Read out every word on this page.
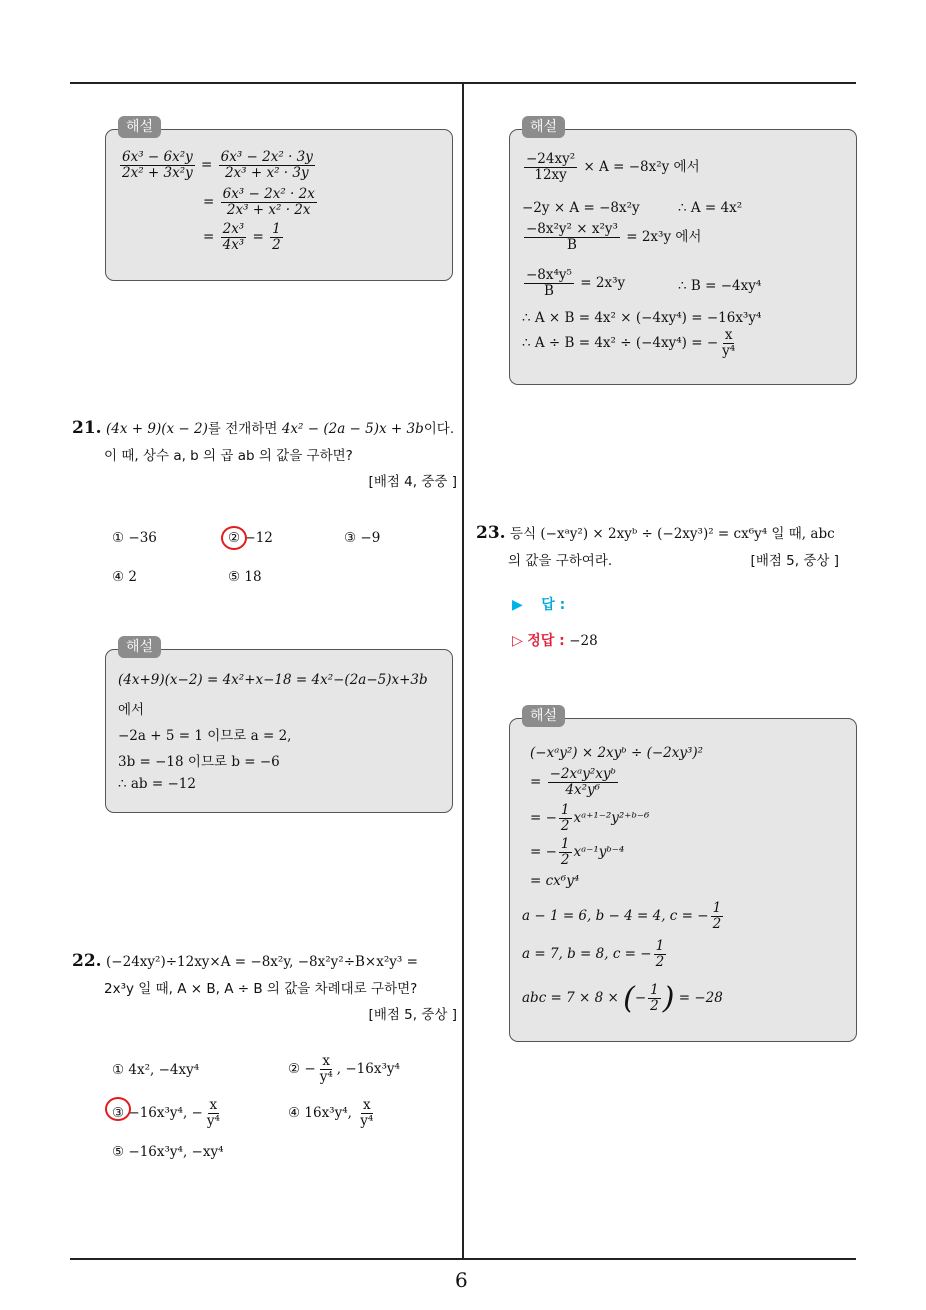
6
해설
$\frac{\text{6x³ − 6x²y}}{\text{2x² + 3x²y}} = \frac{\text{6x³ − 2x² · 3y}}{\text{2x³ + x² · 3y}}$
= $\frac{\text{6x³ − 2x² · 2x}}{\text{2x³ + x² · 2x}}$
= $\frac{\text{2x³}}{\text{4x³}} = \frac{1}{2}$
21. (4x + 9)(x − 2)를 전개하면 4x² − (2a − 5)x + 3b이다.
이 때, 상수 a, b 의 곱 ab 의 값을 구하면?
[배점 4, 중중 ]
① −36	② −12	③ −9
④ 2	⑤ 18
해설
(4x+9)(x−2) = 4x²+x−18 = 4x²−(2a−5)x+3b
에서
−2a + 5 = 1 이므로 a = 2,
3b = −18 이므로 b = −6
∴ ab = −12
22. (−24xy²)÷12xy×A = −8x²y, −8x²y²÷B×x²y³ =
2x³y 일 때, A × B, A ÷ B 의 값을 차례대로 구하면?
[배점 5, 중상 ]
① 4x², −4xy⁴	② − $\frac{x}{\text{y⁴}}$ , −16x³y⁴
③ −16x³y⁴, − $\frac{x}{\text{y⁴}}$	④ 16x³y⁴, $\frac{x}{\text{y⁴}}$
⑤ −16x³y⁴, −xy⁴
해설
$\frac{\text{−24xy²}}{12xy} \times A = -8x^2y$ 에서
−2y × A = −8x²y	∴ A = 4x²
$\frac{\text{−8x²y² × x²y³}}{B} = 2x^3y$ 에서
$\frac{\text{−8x⁴y⁵}}{B} = 2x^3y$	∴ B = −4xy⁴
∴ A × B = 4x² × (−4xy⁴) = −16x³y⁴
∴ A ÷ B = 4x² ÷ (−4xy⁴) = − $\frac{x}{\text{y⁴}}$
23. 등식 (−xᵃy²) × 2xyᵇ ÷ (−2xy³)² = cx⁶y⁴ 일 때, abc
의 값을 구하여라.	[배점 5, 중상 ]
▶ 답 :
▷ 정답 : −28
해설
(−xᵃy²) × 2xyᵇ ÷ (−2xy³)²
= $\frac{\text{−2xᵃy²xyᵇ}}{\text{4x²y⁶}}$
= − $\frac{1}{2}$ xᵃ⁺¹⁻²y²⁺ᵇ⁻⁶
= − $\frac{1}{2}$ xᵃ⁻¹yᵇ⁻⁴
= cx⁶y⁴
a − 1 = 6, b − 4 = 4, c = − $\frac{1}{2}$
a = 7, b = 8, c = − $\frac{1}{2}$
abc = 7 × 8 × (− $\frac{1}{2}$ ) = −28
